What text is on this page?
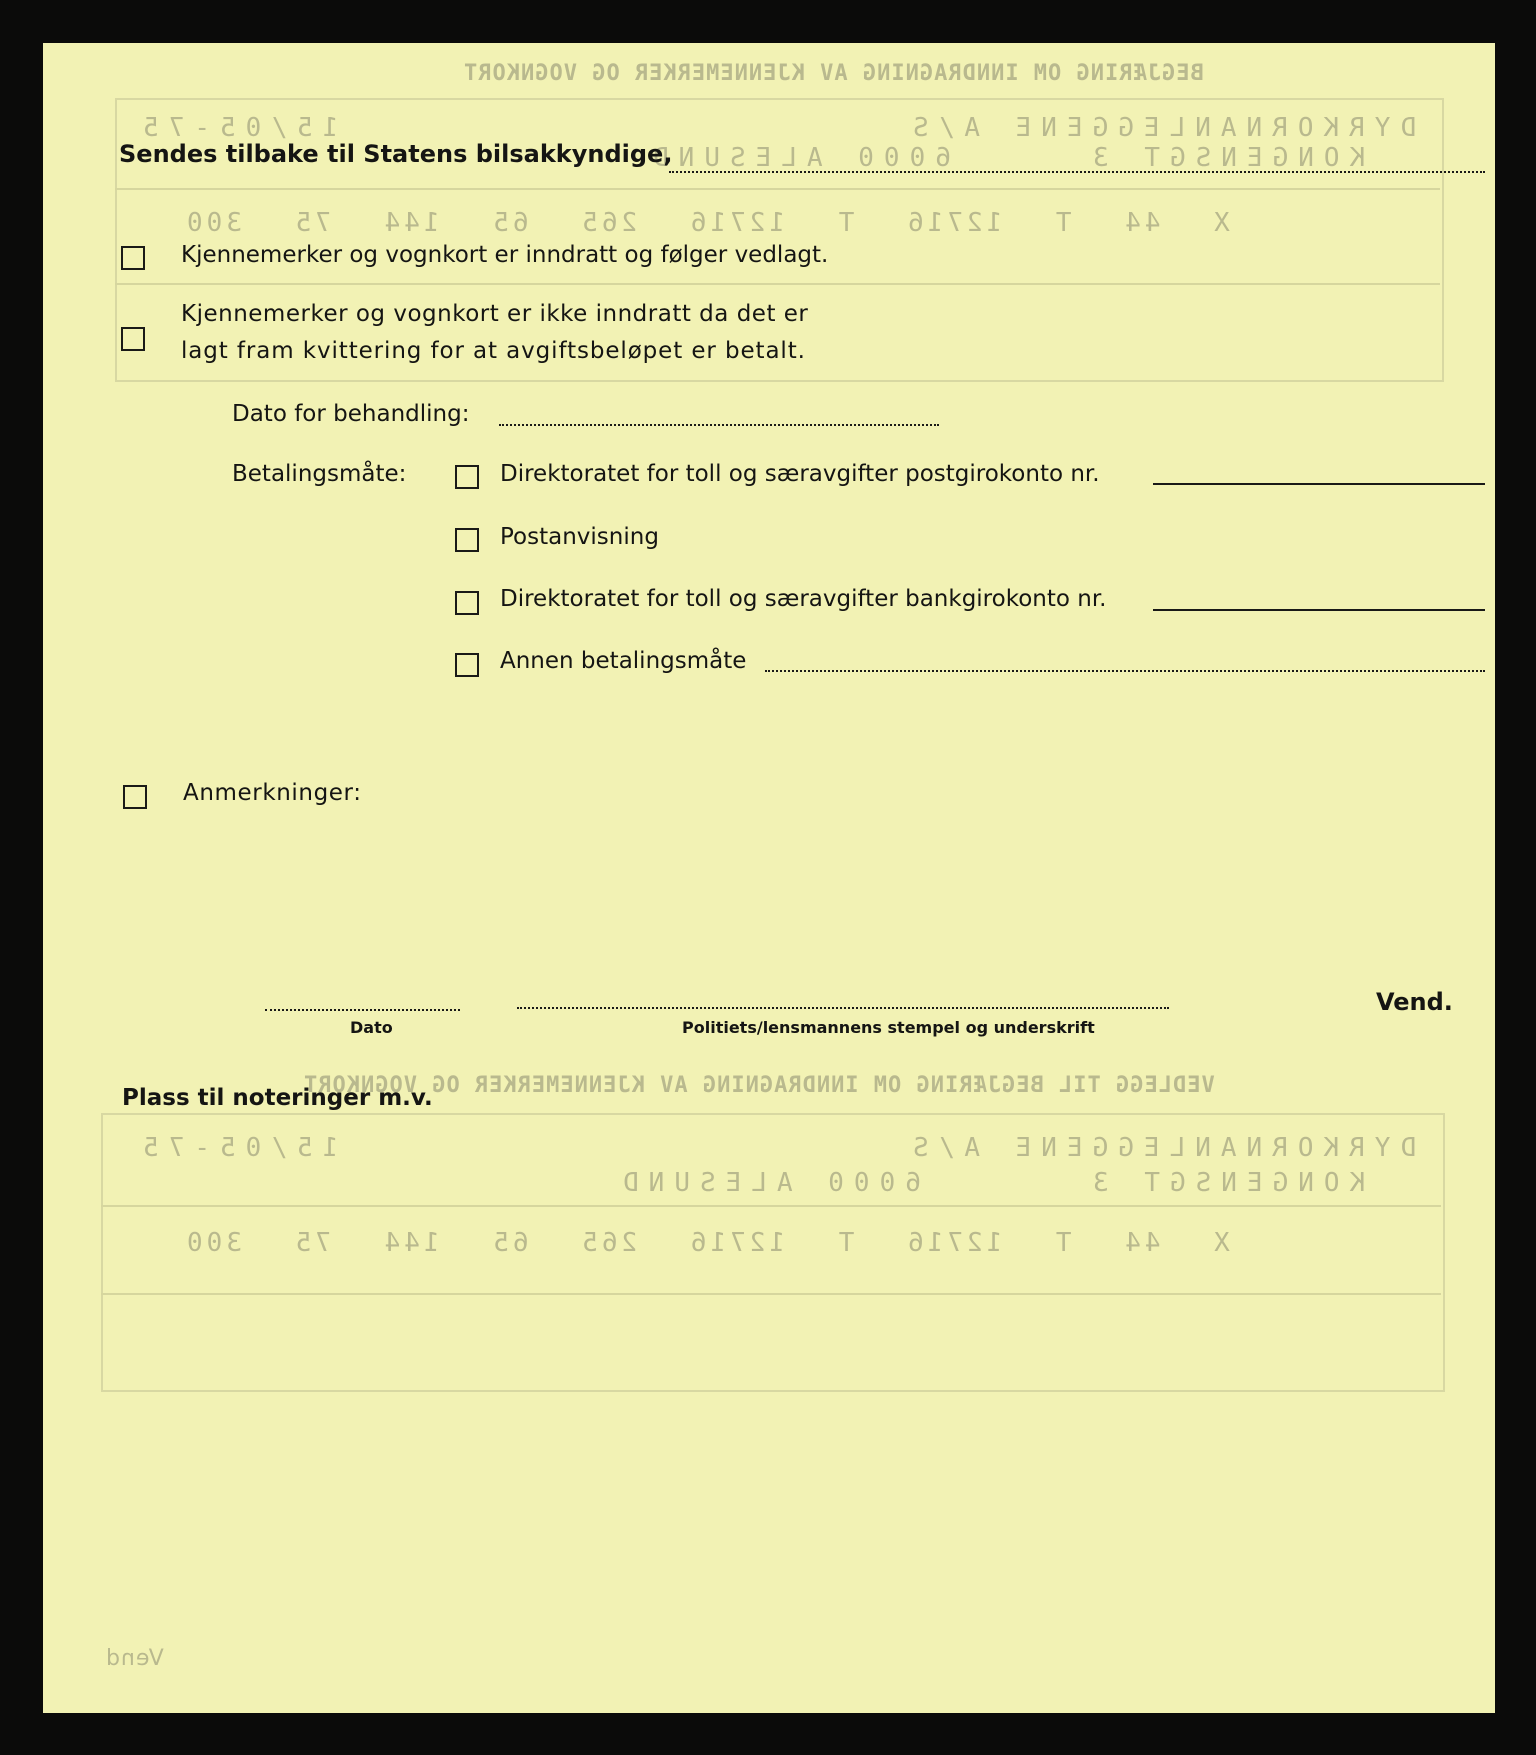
BEGJÆRING OM INNDRAGNING AV KJENNEMERKER OG VOGNKORT
DYRKORNANLEGGENE A/S
15/05-75
KONGENSGT 3
6000 ALESUND
X 44 T 12716 T 12716 265 65 144 75 300
VEDLEGG TIL BEGJÆRING OM INNDRAGNING AV KJENNEMERKER OG VOGNKORT
DYRKORNANLEGGENE A/S
15/05-75
6000 ALESUND	KONGENSGT 3
X 44 T 12716 T 12716 265 65 144 75 300
Vend
Sendes tilbake til Statens bilsakkyndige,
Kjennemerker og vognkort er inndratt og følger vedlagt.
Kjennemerker og vognkort er ikke inndratt da det er
lagt fram kvittering for at avgiftsbeløpet er betalt.
Dato for behandling:
Betalingsmåte:	Direktoratet for toll og særavgifter postgirokonto nr.
Postanvisning
Direktoratet for toll og særavgifter bankgirokonto nr.
Annen betalingsmåte
Anmerkninger:
Dato	Politiets/lensmannens stempel og underskrift
Vend.
Plass til noteringer m.v.
